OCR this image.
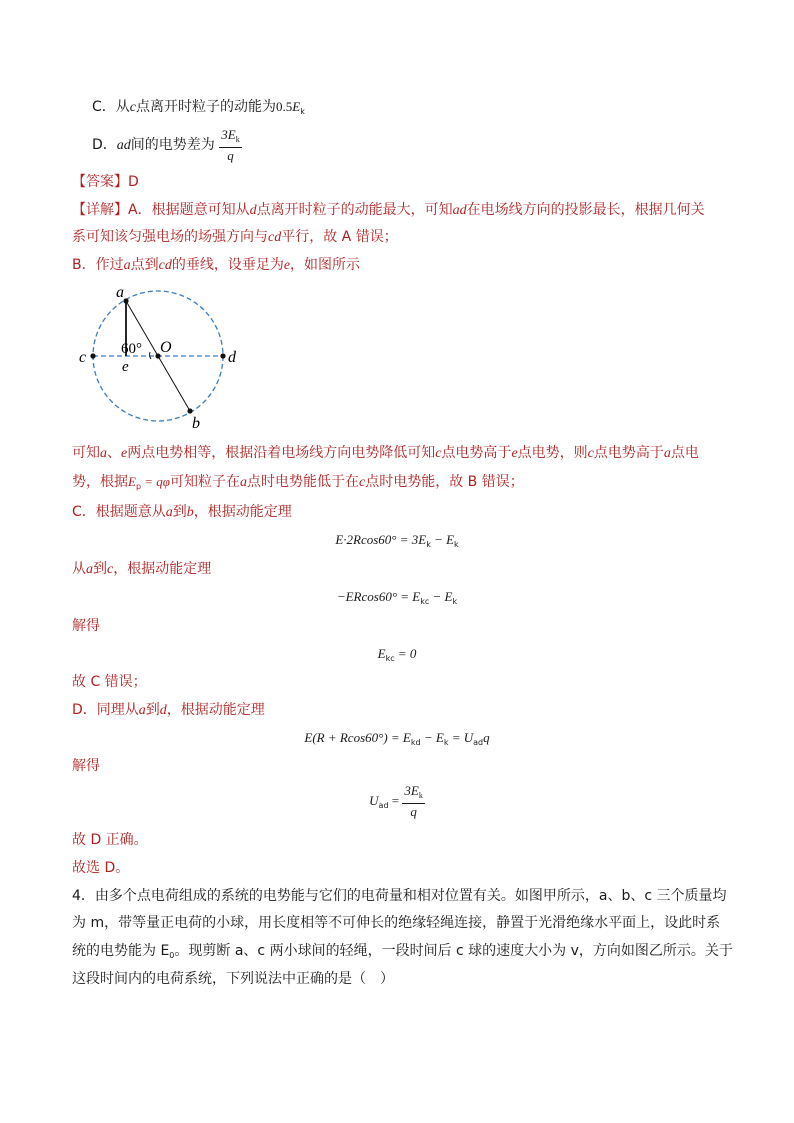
C．从c点离开时粒子的动能为$0.5E_k$
D．ad间的电势差为 $\frac{3E_k}{q}$
【答案】D
【详解】A．根据题意可知从d点离开时粒子的动能最大，可知ad在电场线方向的投影最长，根据几何关
系可知该匀强电场的场强方向与cd平行，故 A 错误；
B．作过a点到cd的垂线，设垂足为e，如图所示
a
c	d
e
O
60°
b
可知a、e两点电势相等，根据沿着电场线方向电势降低可知c点电势高于e点电势，则c点电势高于a点电
势，根据$E_p = q\varphi$可知粒子在a点时电势能低于在c点时电势能，故 B 错误；
C．根据题意从a到b，根据动能定理
$E\cdot 2Rcos60^\circ = 3E_k - E_k$
从a到c，根据动能定理
$-ERcos60^\circ = E_{kc} - E_k$
解得
$E_{kc} = 0$
故 C 错误；
D．同理从a到d，根据动能定理
$E(R + Rcos60^\circ) = E_{kd} - E_k = U_{ad}q$
解得
$U_{ad} = \frac{3E_k}{q}$
故 D 正确。
故选 D。
4．由多个点电荷组成的系统的电势能与它们的电荷量和相对位置有关。如图甲所示，a、b、c 三个质量均
为 m，带等量正电荷的小球，用长度相等不可伸长的绝缘轻绳连接，静置于光滑绝缘水平面上，设此时系
统的电势能为 $E_0$。现剪断 a、c 两小球间的轻绳，一段时间后 c 球的速度大小为 v，方向如图乙所示。关于
这段时间内的电荷系统，下列说法中正确的是（　）
